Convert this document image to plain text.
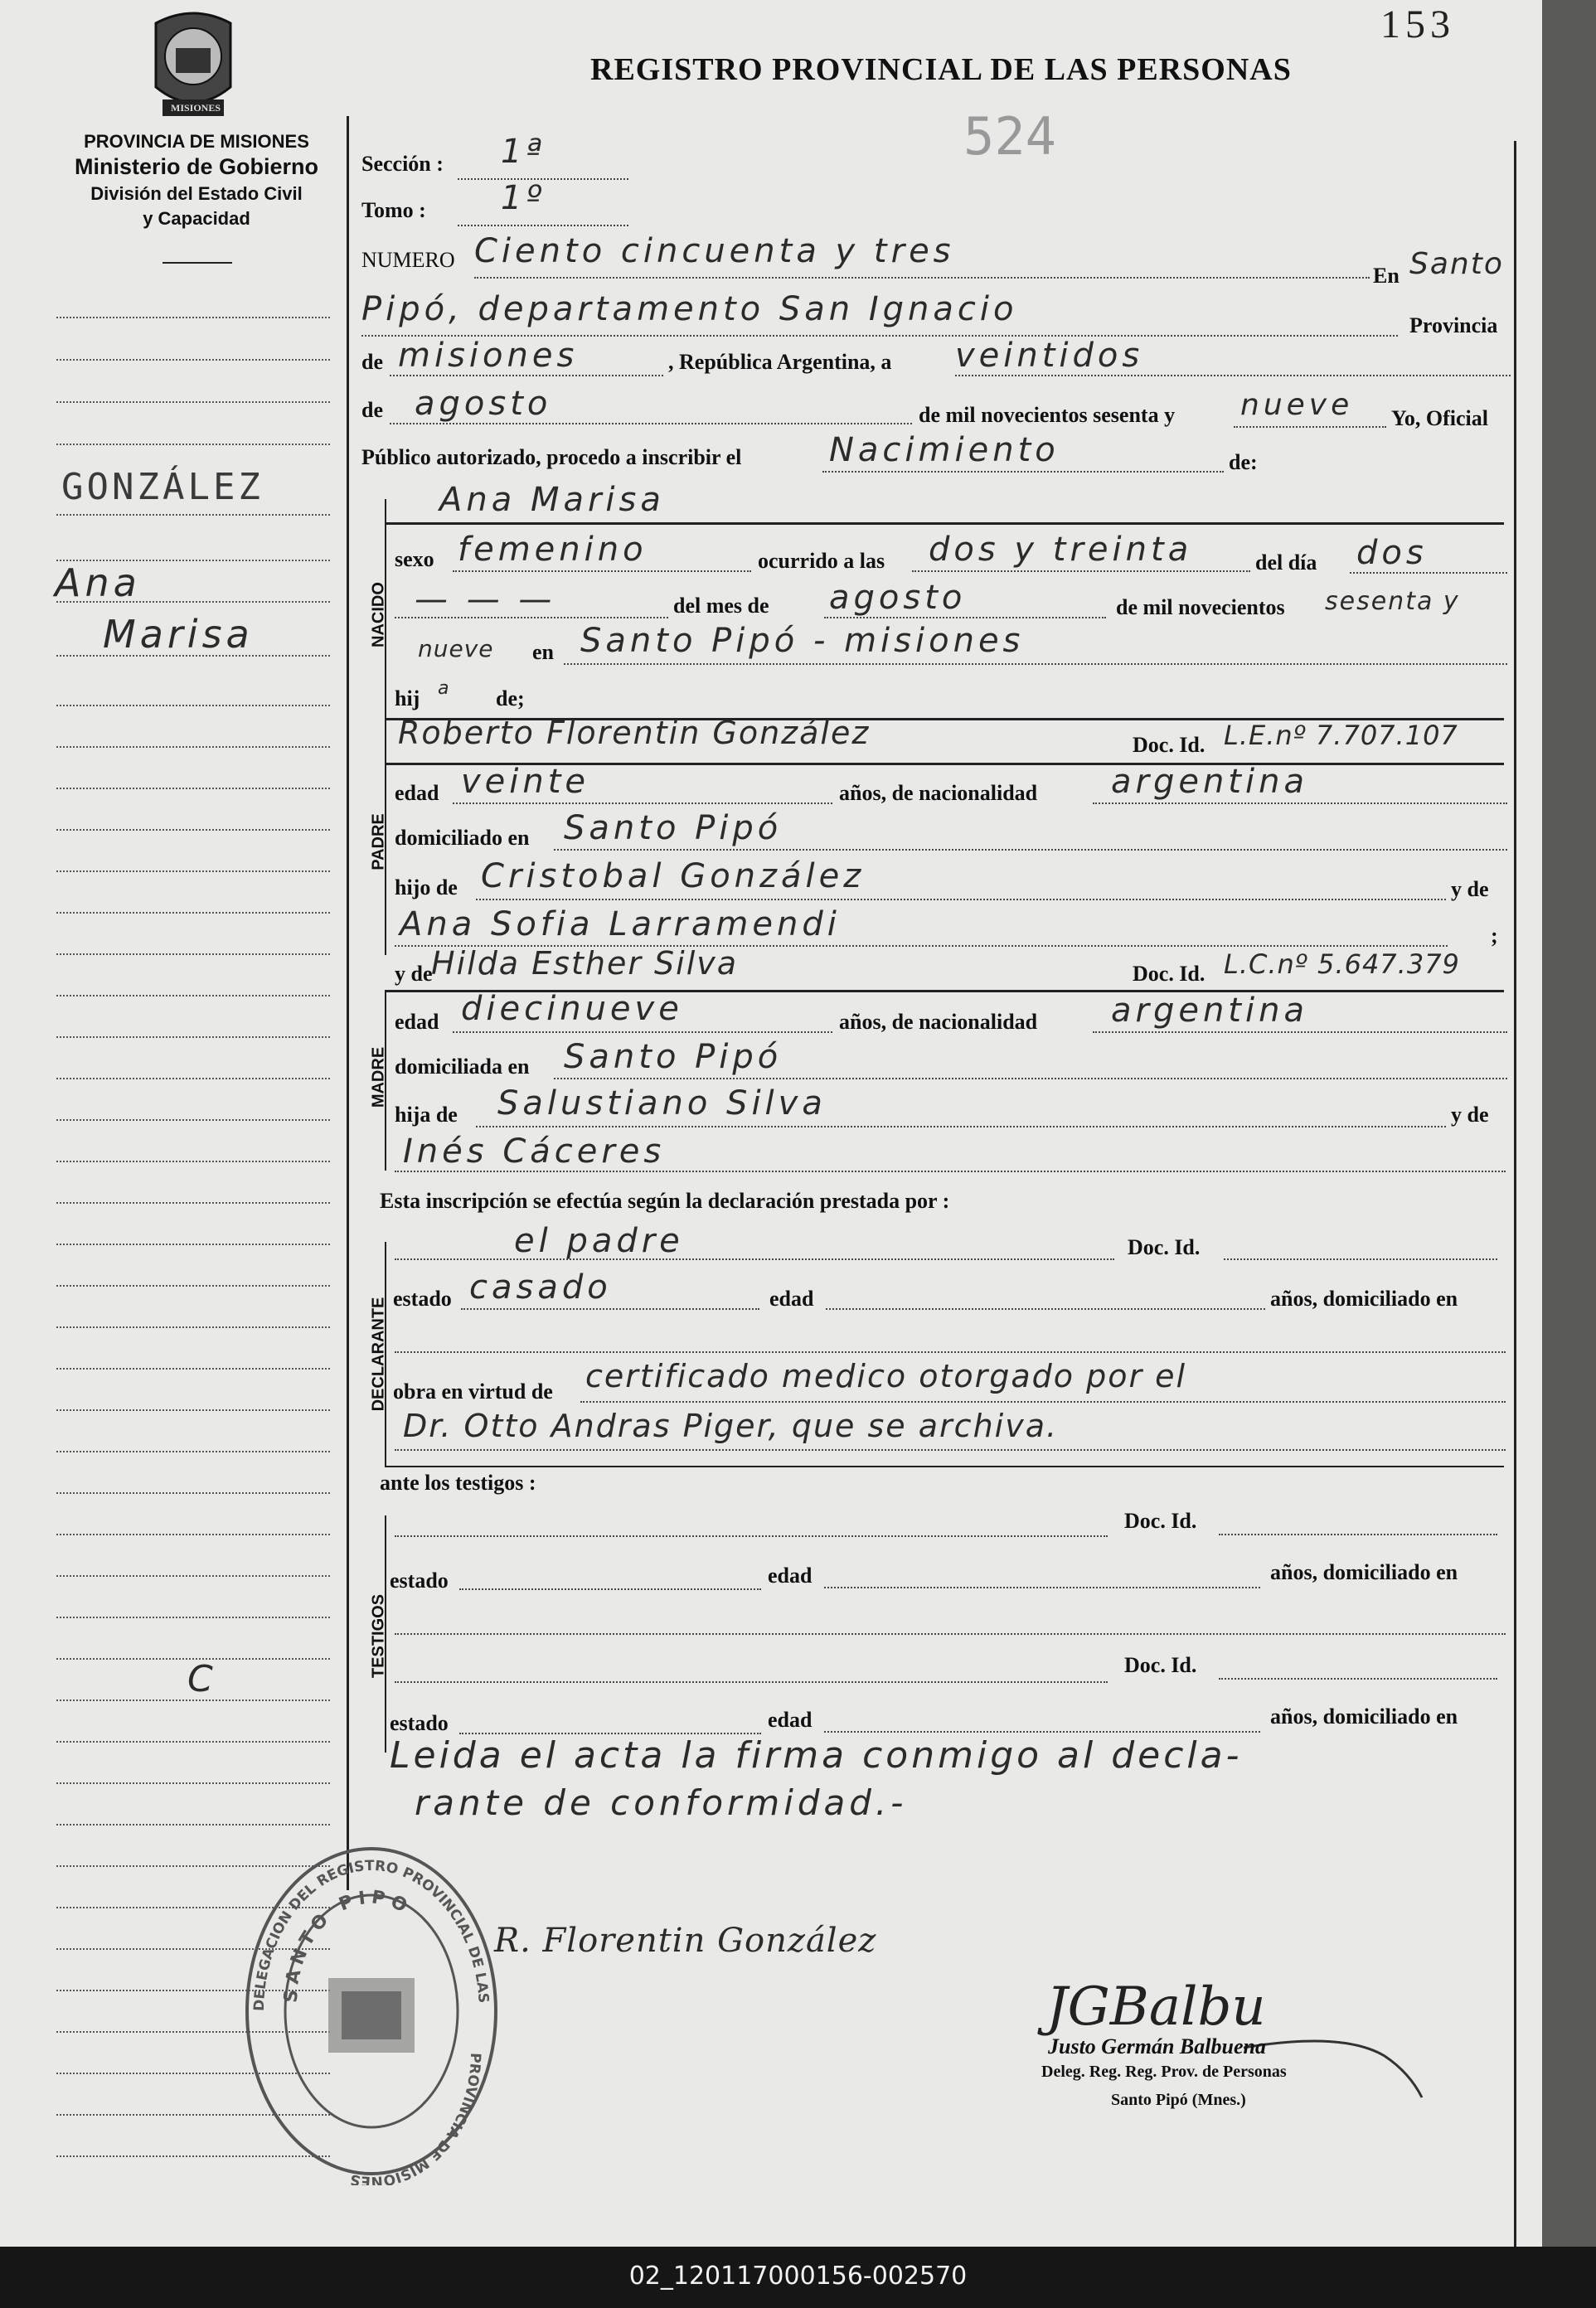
MISIONES
153
REGISTRO PROVINCIAL DE LAS PERSONAS
524
PROVINCIA DE MISIONES
Ministerio de Gobierno
División del Estado Civil
y Capacidad
GONZÁLEZ
Ana
Marisa
C
Sección : 1ª
Tomo : 1º
NUMERO Ciento cincuenta y tres
En Santo
Pipó, departamento San Ignacio	Provincia
de misiones	, República Argentina, a veintidos
de agosto	de mil novecientos sesenta y nueve Yo, Oficial
Público autorizado, procedo a inscribir el	Nacimiento	de:
NACIDO
Ana Marisa
sexo femenino	ocurrido a las dos y treinta	del día dos
— — —	del mes de agosto	de mil novecientos sesenta y
nueve en Santo Pipó - misiones
hij a de;
PADRE
Roberto Florentin González	Doc. Id. L.E.nº 7.707.107
edad veinte	años, de nacionalidad argentina
domiciliado en Santo Pipó
hijo de Cristobal González	y de
Ana Sofia Larramendi	;
y de
Hilda Esther Silva	Doc. Id. L.C.nº 5.647.379
MADRE
edad diecinueve	años, de nacionalidad argentina
domiciliada en Santo Pipó
hija de Salustiano Silva	y de
Inés Cáceres
Esta inscripción se efectúa según la declaración prestada por :
DECLARANTE
el padre	Doc. Id.
estado casado	edad	años, domiciliado en
obra en virtud de certificado medico otorgado por el
Dr. Otto Andras Piger, que se archiva.
ante los testigos :
TESTIGOS
Doc. Id.
estado	edad	años, domiciliado en
Doc. Id.
estado	edad	años, domiciliado en
Leida el acta la firma conmigo al decla-
rante de conformidad.-
DELEGACION DEL REGISTRO PROVINCIAL DE LAS
SANTO PIPO
PROVINCIA DE MISIONES
R. Florentin González
JGBalbu
Justo Germán Balbuena
Deleg. Reg. Reg. Prov. de Personas
Santo Pipó (Mnes.)
02_120117000156-002570
